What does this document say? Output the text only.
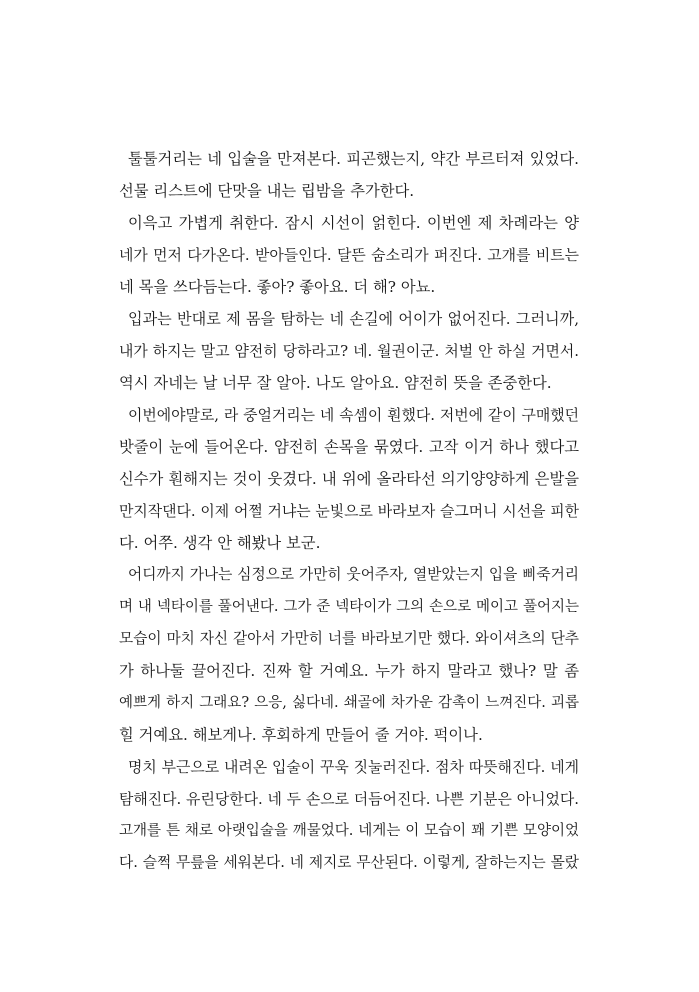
툴툴거리는 네 입술을 만져본다. 피곤했는지, 약간 부르터져 있었다.
선물 리스트에 단맛을 내는 립밤을 추가한다.
이윽고 가볍게 취한다. 잠시 시선이 얽힌다. 이번엔 제 차례라는 양
네가 먼저 다가온다. 받아들인다. 달뜬 숨소리가 퍼진다. 고개를 비트는
네 목을 쓰다듬는다. 좋아? 좋아요. 더 해? 아뇨.
입과는 반대로 제 몸을 탐하는 네 손길에 어이가 없어진다. 그러니까,
내가 하지는 말고 얌전히 당하라고? 네. 월권이군. 처벌 안 하실 거면서.
역시 자네는 날 너무 잘 알아. 나도 알아요. 얌전히 뜻을 존중한다.
이번에야말로, 라 중얼거리는 네 속셈이 훤했다. 저번에 같이 구매했던
밧줄이 눈에 들어온다. 얌전히 손목을 묶였다. 고작 이거 하나 했다고
신수가 훤해지는 것이 웃겼다. 내 위에 올라타선 의기양양하게 은발을
만지작댄다. 이제 어쩔 거냐는 눈빛으로 바라보자 슬그머니 시선을 피한
다. 어쭈. 생각 안 해봤나 보군.
어디까지 가나는 심정으로 가만히 웃어주자, 열받았는지 입을 삐죽거리
며 내 넥타이를 풀어낸다. 그가 준 넥타이가 그의 손으로 메이고 풀어지는
모습이 마치 자신 같아서 가만히 너를 바라보기만 했다. 와이셔츠의 단추
가 하나둘 끌어진다. 진짜 할 거예요. 누가 하지 말라고 했나? 말 좀
예쁘게 하지 그래요? 으응, 싫다네. 쇄골에 차가운 감촉이 느껴진다. 괴롭
힐 거예요. 해보게나. 후회하게 만들어 줄 거야. 퍽이나.
명치 부근으로 내려온 입술이 꾸욱 짓눌러진다. 점차 따뜻해진다. 네게
탐해진다. 유린당한다. 네 두 손으로 더듬어진다. 나쁜 기분은 아니었다.
고개를 튼 채로 아랫입술을 깨물었다. 네게는 이 모습이 꽤 기쁜 모양이었
다. 슬쩍 무릎을 세워본다. 네 제지로 무산된다. 이렇게, 잘하는지는 몰랐
